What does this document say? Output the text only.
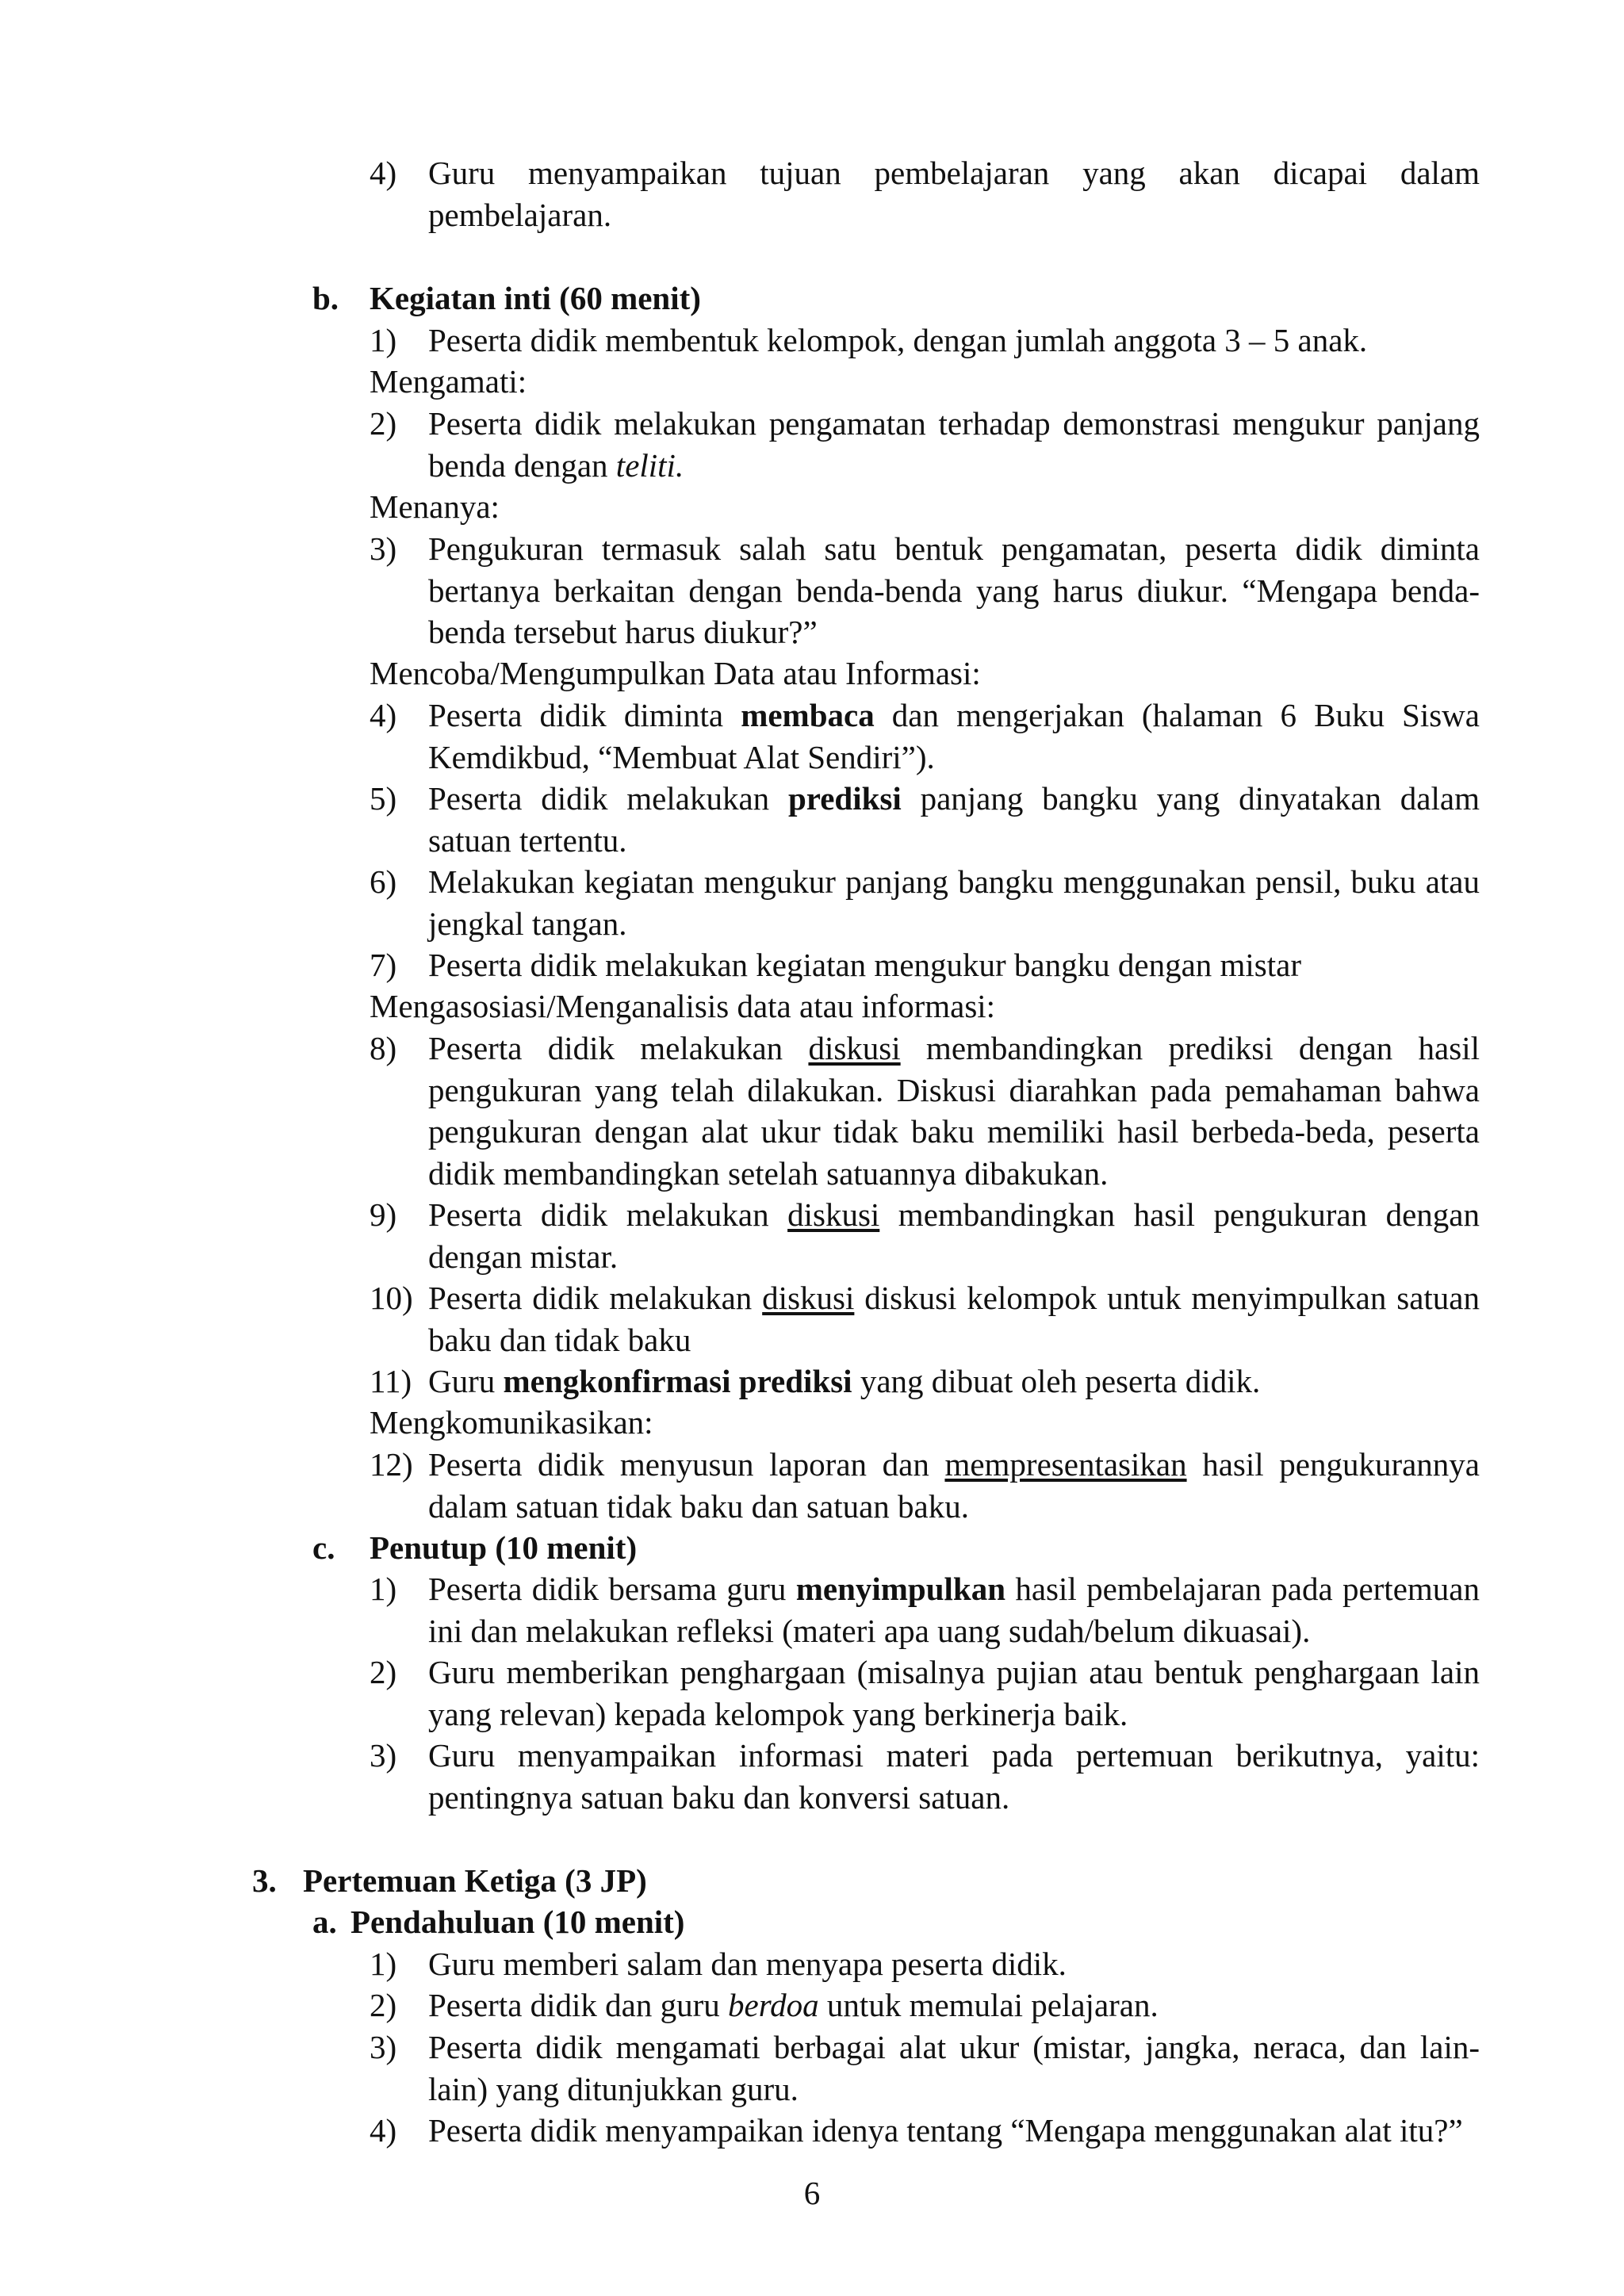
4) Guru menyampaikan tujuan pembelajaran yang akan dicapai dalam pembelajaran.
b. Kegiatan inti (60 menit)
1) Peserta didik membentuk kelompok, dengan jumlah anggota 3 – 5 anak.
Mengamati:
2) Peserta didik melakukan pengamatan terhadap demonstrasi mengukur panjang benda dengan teliti.
Menanya:
3) Pengukuran termasuk salah satu bentuk pengamatan, peserta didik diminta bertanya berkaitan dengan benda-benda yang harus diukur. “Mengapa benda-benda tersebut harus diukur?”
Mencoba/Mengumpulkan Data atau Informasi:
4) Peserta didik diminta membaca dan mengerjakan (halaman 6 Buku Siswa Kemdikbud, “Membuat Alat Sendiri”).
5) Peserta didik melakukan prediksi panjang bangku yang dinyatakan dalam satuan tertentu.
6) Melakukan kegiatan mengukur panjang bangku menggunakan pensil, buku atau jengkal tangan.
7) Peserta didik melakukan kegiatan mengukur bangku dengan mistar
Mengasosiasi/Menganalisis data atau informasi:
8) Peserta didik melakukan diskusi membandingkan prediksi dengan hasil pengukuran yang telah dilakukan. Diskusi diarahkan pada pemahaman bahwa pengukuran dengan alat ukur tidak baku memiliki hasil berbeda-beda, peserta didik membandingkan setelah satuannya dibakukan.
9) Peserta didik melakukan diskusi membandingkan hasil pengukuran dengan dengan mistar.
10) Peserta didik melakukan diskusi diskusi kelompok untuk menyimpulkan satuan baku dan tidak baku
11) Guru mengkonfirmasi prediksi yang dibuat oleh peserta didik.
Mengkomunikasikan:
12) Peserta didik menyusun laporan dan mempresentasikan hasil pengukurannya dalam satuan tidak baku dan satuan baku.
c. Penutup (10 menit)
1) Peserta didik bersama guru menyimpulkan hasil pembelajaran pada pertemuan ini dan melakukan refleksi (materi apa uang sudah/belum dikuasai).
2) Guru memberikan penghargaan (misalnya pujian atau bentuk penghargaan lain yang relevan) kepada kelompok yang berkinerja baik.
3) Guru menyampaikan informasi materi pada pertemuan berikutnya, yaitu: pentingnya satuan baku dan konversi satuan.
3. Pertemuan Ketiga (3 JP)
a. Pendahuluan (10 menit)
1) Guru memberi salam dan menyapa peserta didik.
2) Peserta didik dan guru berdoa untuk memulai pelajaran.
3) Peserta didik mengamati berbagai alat ukur (mistar, jangka, neraca, dan lain-lain) yang ditunjukkan guru.
4) Peserta didik menyampaikan idenya tentang “Mengapa menggunakan alat itu?”
6
